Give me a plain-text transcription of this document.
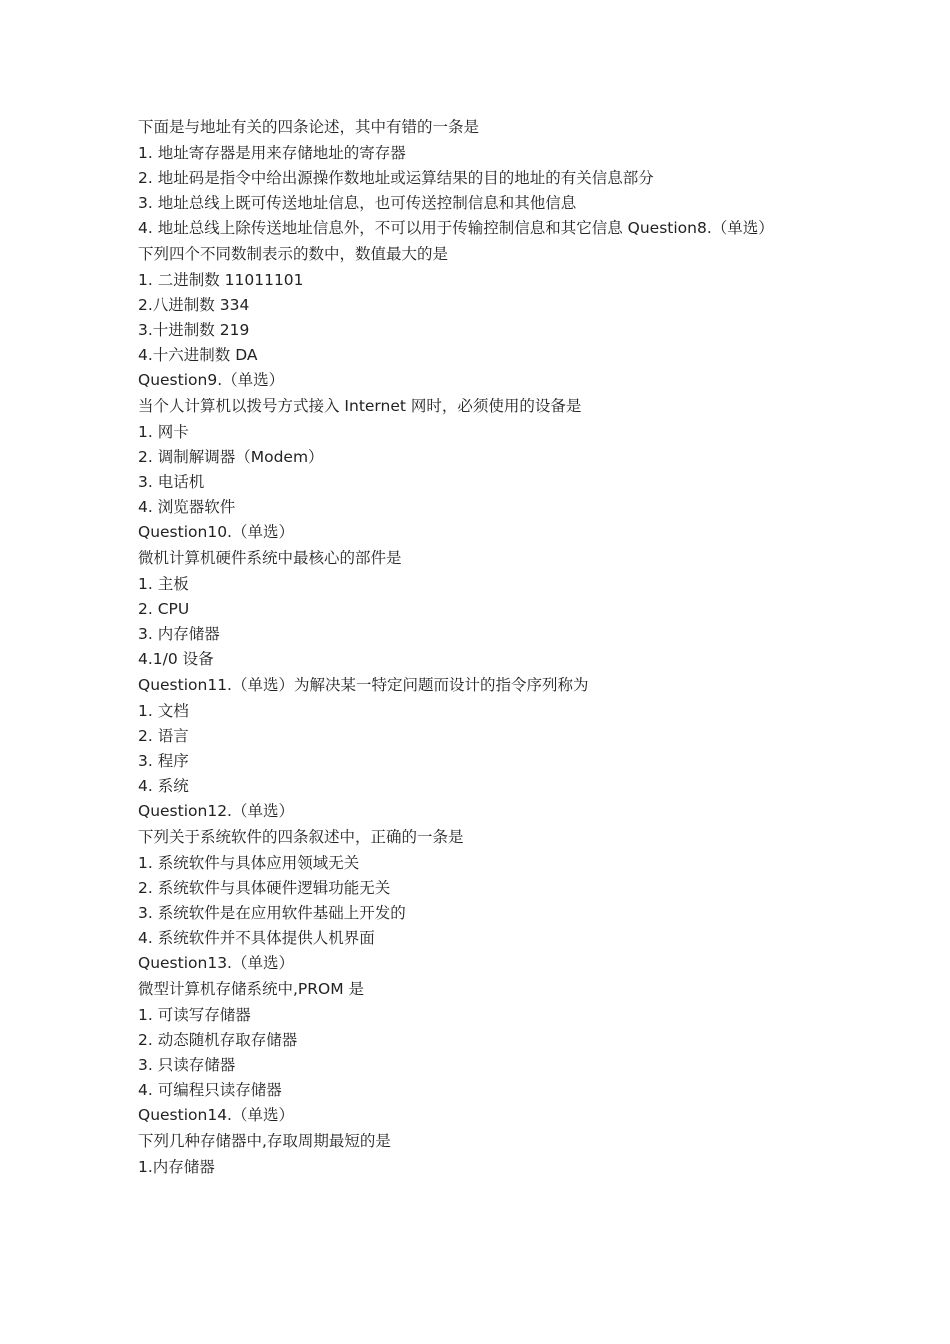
下面是与地址有关的四条论述，其中有错的一条是
1. 地址寄存器是用来存储地址的寄存器
2. 地址码是指令中给出源操作数地址或运算结果的目的地址的有关信息部分
3. 地址总线上既可传送地址信息，也可传送控制信息和其他信息
4. 地址总线上除传送地址信息外，不可以用于传输控制信息和其它信息 Question8.（单选）
下列四个不同数制表示的数中，数值最大的是
1. 二进制数 11011101
2.八进制数 334
3.十进制数 219
4.十六进制数 DA
Question9.（单选）
当个人计算机以拨号方式接入 Internet 网时，必须使用的设备是
1. 网卡
2. 调制解调器（Modem）
3. 电话机
4. 浏览器软件
Question10.（单选）
微机计算机硬件系统中最核心的部件是
1. 主板
2. CPU
3. 内存储器
4.1/0 设备
Question11.（单选）为解决某一特定问题而设计的指令序列称为
1. 文档
2. 语言
3. 程序
4. 系统
Question12.（单选）
下列关于系统软件的四条叙述中，正确的一条是
1. 系统软件与具体应用领域无关
2. 系统软件与具体硬件逻辑功能无关
3. 系统软件是在应用软件基础上开发的
4. 系统软件并不具体提供人机界面
Question13.（单选）
微型计算机存储系统中,PROM 是
1. 可读写存储器
2. 动态随机存取存储器
3. 只读存储器
4. 可编程只读存储器
Question14.（单选）
下列几种存储器中,存取周期最短的是
1.内存储器
